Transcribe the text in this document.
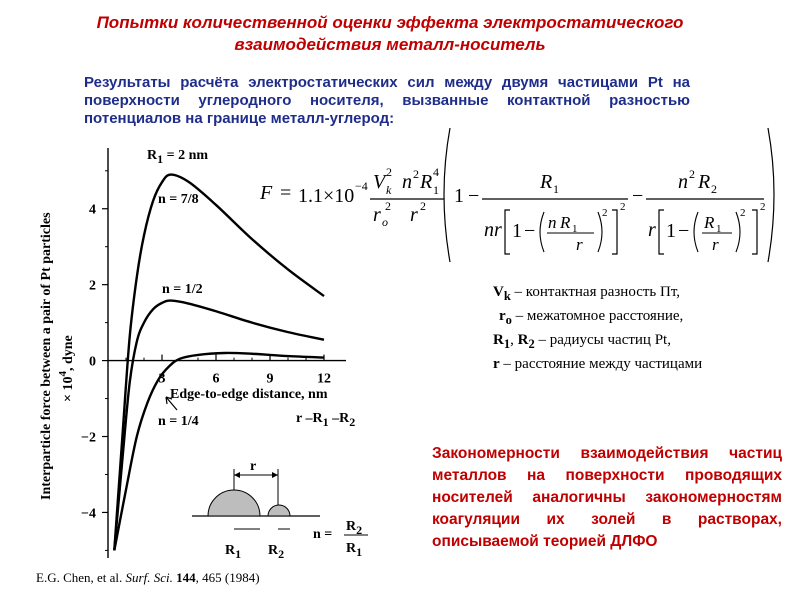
Попытки количественной оценки эффекта электростатического
взаимодействия металл-носитель
Результаты расчёта электростатических сил между двумя частицами Pt на поверхности углеродного носителя, вызванные контактной разностью потенциалов на границе металл-углерод:
F = 1.1×10 −4 V k
2
r o
2
n 2 R 1
4
r 2 1 −
R 1
nr 1 − n R 1
r
2 2 −
n 2 R 2
r 1 − R 1
r
2 2
$V_k$ – контактная разность Пт,
$r_o$ – межатомное расстояние,
$R_1$, $R_2$ – радиусы частиц Pt,
r – расстояние между частицами
Закономерности взаимодействия частиц металлов на поверхности проводящих носителей аналогичны закономерностям коагуляции их золей в растворах, описываемой теорией ДЛФО
4
2
0
−2
−4
3	6	9	12
Interparticle force between a pair of Pt particles × $10^4$, dyne
Edge-to-edge distance, nm
r –R1 –R2
R1 = 2 nm
n = 7/8
n = 1/2
n = 1/4
r
R1 R2
n =
R2
R1
E.G. Chen, et al. Surf. Sci. 144, 465 (1984)
